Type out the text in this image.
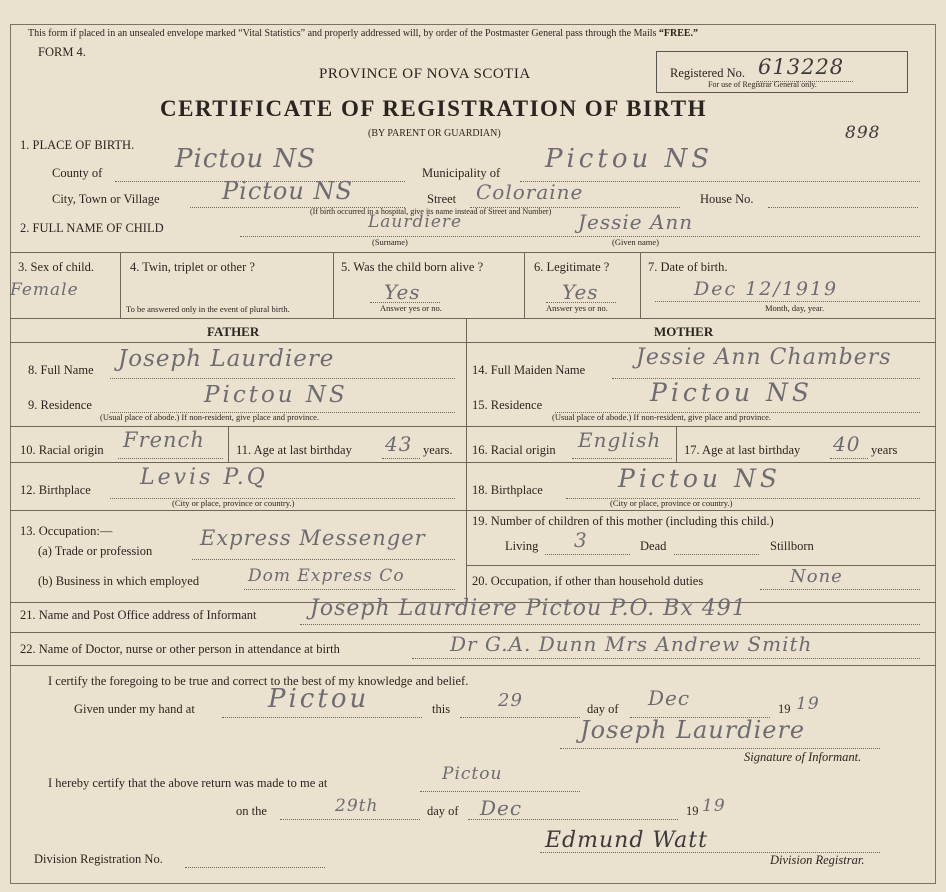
This form if placed in an unsealed envelope marked “Vital Statistics” and properly addressed will, by order of the Postmaster General pass through the Mails “FREE.”
FORM 4.
PROVINCE OF NOVA SCOTIA
CERTIFICATE OF REGISTRATION OF BIRTH
(BY PARENT OR GUARDIAN)
Registered No. 613228
For use of Registrar General only.
898
1. PLACE OF BIRTH.
County of	Pictou NS	Municipality of Pictou NS
City, Town or Village	Pictou NS	Street Coloraine	House No.
(If birth occurred in a hospital, give its name instead of Street and Number)
2. FULL NAME OF CHILD	Laurdiere	Jessie Ann
(Surname)	(Given name)
3. Sex of child.
Female
4. Twin, triplet or other ?
To be answered only in the event of plural birth.
5. Was the child born alive ?
Yes
Answer yes or no.
6. Legitimate ?
Yes
Answer yes or no.
7. Date of birth.
Dec 12/1919
Month, day, year.
FATHER	MOTHER
8. Full Name Joseph Laurdiere
9. Residence	Pictou NS
(Usual place of abode.) If non-resident, give place and province.
10. Racial origin French 11. Age at last birthday 43 years.
12. Birthplace Levis P.Q
(City or place, province or country.)
13. Occupation:—
(a) Trade or profession
Express Messenger
(b) Business in which employed	Dom Express Co
14. Full Maiden Name Jessie Ann Chambers
15. Residence	Pictou NS
(Usual place of abode.) If non-resident, give place and province.
16. Racial origin English 17. Age at last birthday 40 years
18. Birthplace	Pictou NS
(City or place, province or country.)
19. Number of children of this mother (including this child.)
Living 3	Dead	Stillborn
20. Occupation, if other than household duties	None
21. Name and Post Office address of Informant Joseph Laurdiere Pictou P.O. Bx 491
22. Name of Doctor, nurse or other person in attendance at birth	Dr G.A. Dunn Mrs Andrew Smith
I certify the foregoing to be true and correct to the best of my knowledge and belief.
Given under my hand at	Pictou	this	29	day of Dec	19 19
Joseph Laurdiere
Signature of Informant.
I hereby certify that the above return was made to me at	Pictou
on the	29th	day of Dec	19 19
Edmund Watt
Division Registration No.	Division Registrar.
